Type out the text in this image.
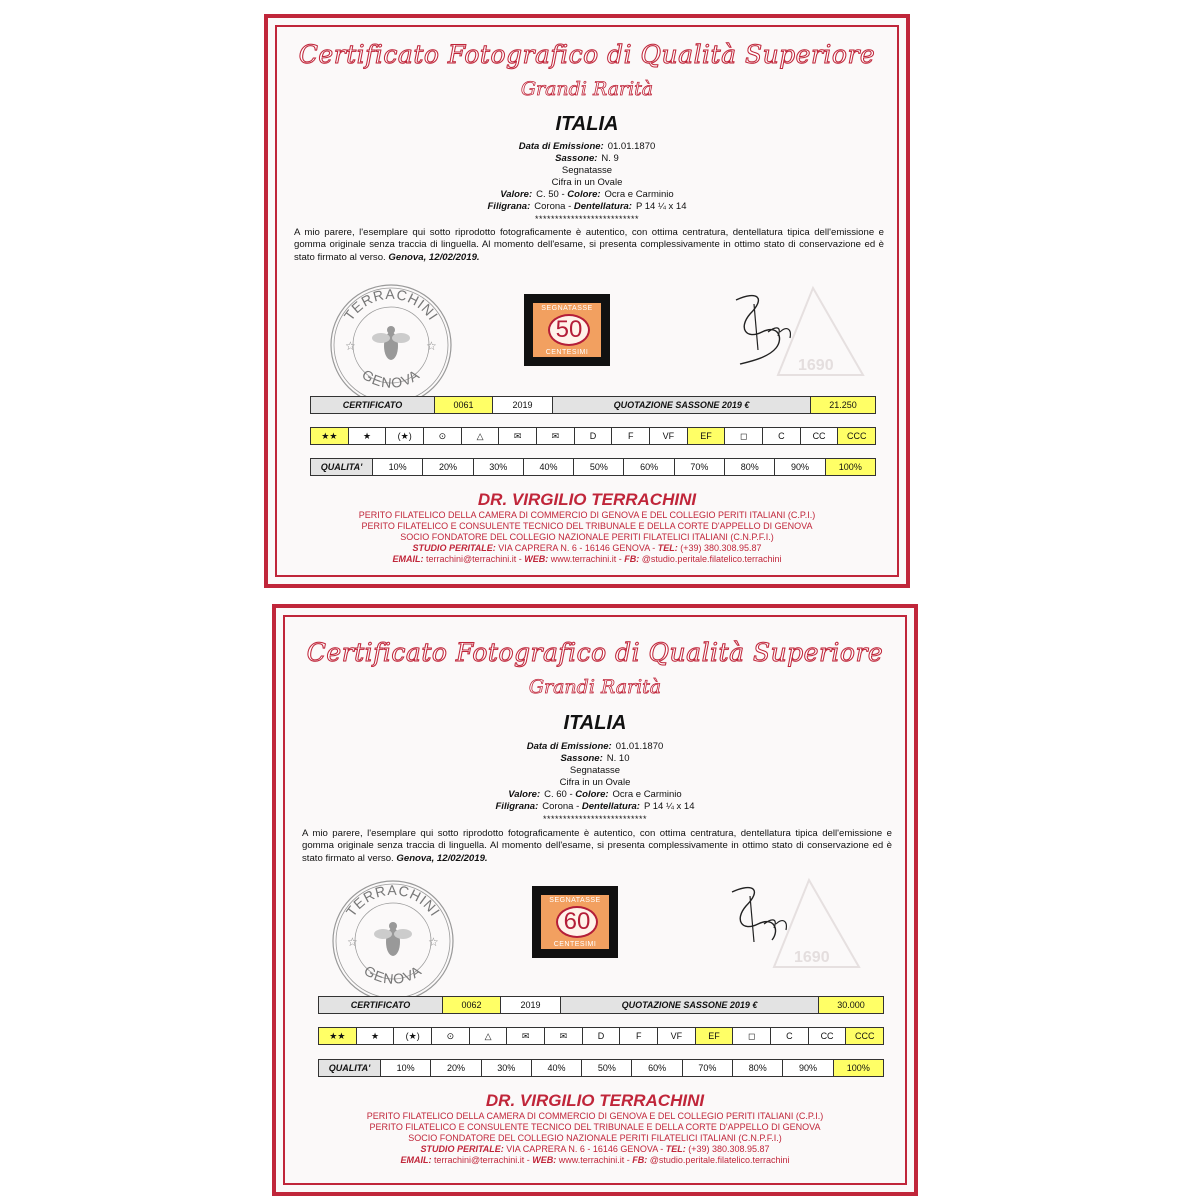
Certificato Fotografico di Qualità Superiore
Grandi Rarità
ITALIA
Data di Emissione: 01.01.1870
Sassone: N. 9
Segnatasse
Cifra in un Ovale
Valore: C. 50 - Colore: Ocra e Carminio
Filigrana: Corona - Dentellatura: P 14 ¼ x 14
**************************
A mio parere, l'esemplare qui sotto riprodotto fotograficamente è autentico, con ottima centratura, dentellatura tipica dell'emissione e gomma originale senza traccia di linguella. Al momento dell'esame, si presenta complessivamente in ottimo stato di conservazione ed è stato firmato al verso. Genova, 12/02/2019.
TERRACHINI
GENOVA
☆	☆
SEGNATASSE
50
CENTESIMI
1690
CERTIFICATO	0061	2019	QUOTAZIONE SASSONE 2019 €	21.250
★★	★	(★)	⊙	△	✉	✉	D	F	VF	EF	◻	C	CC	CCC
QUALITA'	10%	20%	30%	40%	50%	60%	70%	80%	90%	100%
DR. VIRGILIO TERRACHINI
PERITO FILATELICO DELLA CAMERA DI COMMERCIO DI GENOVA E DEL COLLEGIO PERITI ITALIANI (C.P.I.)
PERITO FILATELICO E CONSULENTE TECNICO DEL TRIBUNALE E DELLA CORTE D'APPELLO DI GENOVA
SOCIO FONDATORE DEL COLLEGIO NAZIONALE PERITI FILATELICI ITALIANI (C.N.P.F.I.)
STUDIO PERITALE: VIA CAPRERA N. 6 - 16146 GENOVA - TEL: (+39) 380.308.95.87
EMAIL: terrachini@terrachini.it - WEB: www.terrachini.it - FB: @studio.peritale.filatelico.terrachini
Certificato Fotografico di Qualità Superiore
Grandi Rarità
ITALIA
Data di Emissione: 01.01.1870
Sassone: N. 10
Segnatasse
Cifra in un Ovale
Valore: C. 60 - Colore: Ocra e Carminio
Filigrana: Corona - Dentellatura: P 14 ¼ x 14
**************************
A mio parere, l'esemplare qui sotto riprodotto fotograficamente è autentico, con ottima centratura, dentellatura tipica dell'emissione e gomma originale senza traccia di linguella. Al momento dell'esame, si presenta complessivamente in ottimo stato di conservazione ed è stato firmato al verso. Genova, 12/02/2019.
TERRACHINI
GENOVA
☆	☆
SEGNATASSE
60
CENTESIMI
1690
CERTIFICATO	0062	2019	QUOTAZIONE SASSONE 2019 €	30.000
★★	★	(★)	⊙	△	✉	✉	D	F	VF	EF	◻	C	CC	CCC
QUALITA'	10%	20%	30%	40%	50%	60%	70%	80%	90%	100%
DR. VIRGILIO TERRACHINI
PERITO FILATELICO DELLA CAMERA DI COMMERCIO DI GENOVA E DEL COLLEGIO PERITI ITALIANI (C.P.I.)
PERITO FILATELICO E CONSULENTE TECNICO DEL TRIBUNALE E DELLA CORTE D'APPELLO DI GENOVA
SOCIO FONDATORE DEL COLLEGIO NAZIONALE PERITI FILATELICI ITALIANI (C.N.P.F.I.)
STUDIO PERITALE: VIA CAPRERA N. 6 - 16146 GENOVA - TEL: (+39) 380.308.95.87
EMAIL: terrachini@terrachini.it - WEB: www.terrachini.it - FB: @studio.peritale.filatelico.terrachini
